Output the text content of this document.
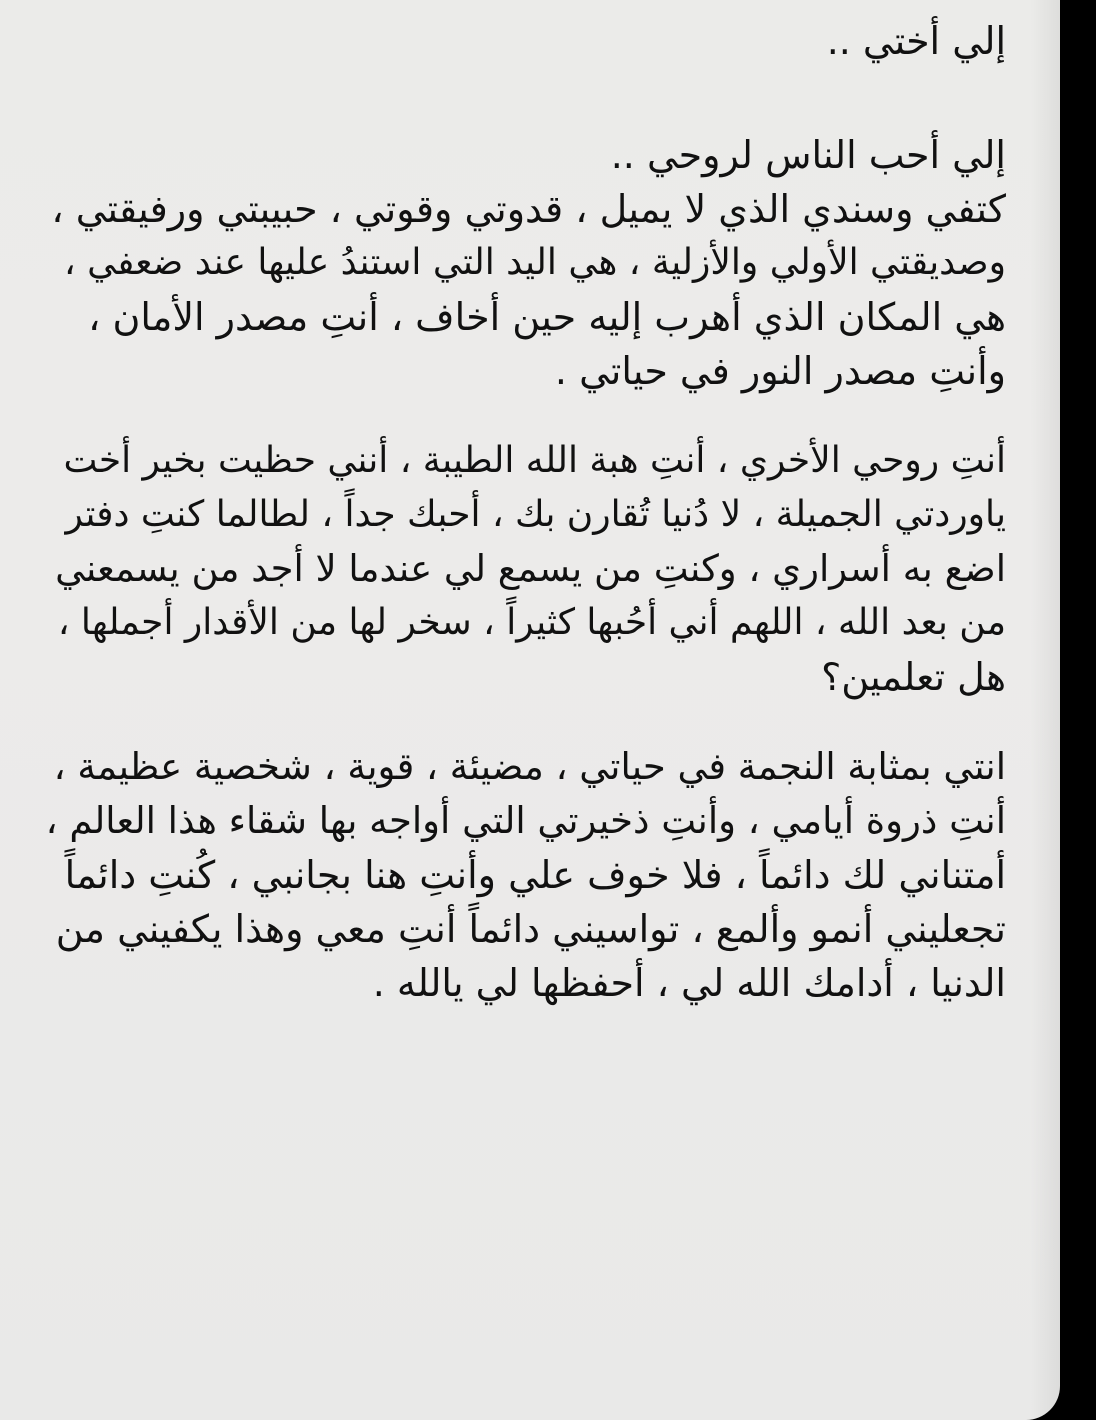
إلي أختي ..
إلي أحب الناس لروحي ..
كتفي وسندي الذي لا يميل ، قدوتي وقوتي ، حبيبتي ورفيقتي ،
وصديقتي الأولي والأزلية ، هي اليد التي استندُ عليها عند ضعفي ،
هي المكان الذي أهرب إليه حين أخاف ، أنتِ مصدر الأمان ،
وأنتِ مصدر النور في حياتي .
أنتِ روحي الأخري ، أنتِ هبة الله الطيبة ، أنني حظيت بخير أخت
ياوردتي الجميلة ، لا دُنيا تُقارن بك ، أحبك جداً ، لطالما كنتِ دفتر
اضع به أسراري ، وكنتِ من يسمع لي عندما لا أجد من يسمعني
من بعد الله ، اللهم أني أحُبها كثيراً ، سخر لها من الأقدار أجملها ،
هل تعلمين؟
انتي بمثابة النجمة في حياتي ، مضيئة ، قوية ، شخصية عظيمة ،
أنتِ ذروة أيامي ، وأنتِ ذخيرتي التي أواجه بها شقاء هذا العالم ،
أمتناني لك دائماً ، فلا خوف علي وأنتِ هنا بجانبي ، كُنتِ دائماً
تجعليني أنمو وألمع ، تواسيني دائماً أنتِ معي وهذا يكفيني من
الدنيا ، أدامك الله لي ، أحفظها لي يالله .
